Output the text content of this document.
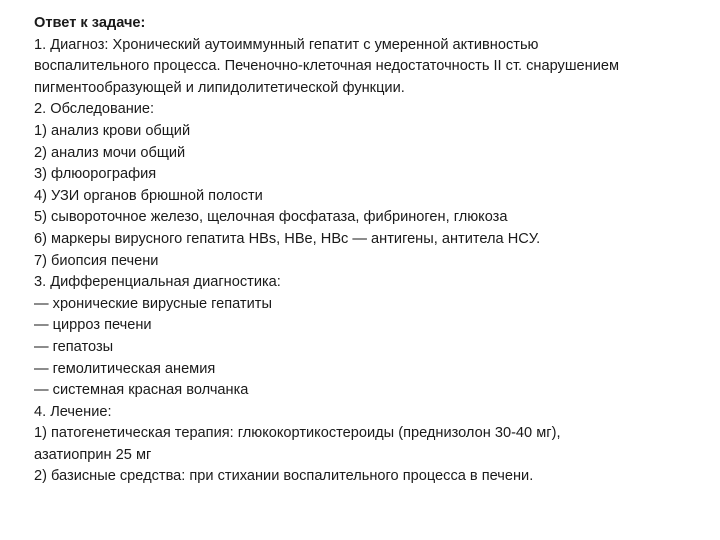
Ответ к задаче:
1. Диагноз: Хронический аутоиммунный гепатит с умеренной активностью
воспалительного процесса. Печеночно-клеточная недостаточность II ст. снарушением
пигментообразующей и липидолитетической функции.
2. Обследование:
1) анализ крови общий
2) анализ мочи общий
3) флюорография
4) УЗИ органов брюшной полости
5) сывороточное железо, щелочная фосфатаза, фибриноген, глюкоза
6) маркеры вирусного гепатита HBs, HBe, HBc — антигены, антитела HCУ.
7) биопсия печени
3. Дифференциальная диагностика:
— хронические вирусные гепатиты
— цирроз печени
— гепатозы
— гемолитическая анемия
— системная красная волчанка
4. Лечение:
1) патогенетическая терапия: глюкокортикостероиды (преднизолон 30-40 мг),
азатиоприн 25 мг
2) базисные средства: при стихании воспалительного процесса в печени.
